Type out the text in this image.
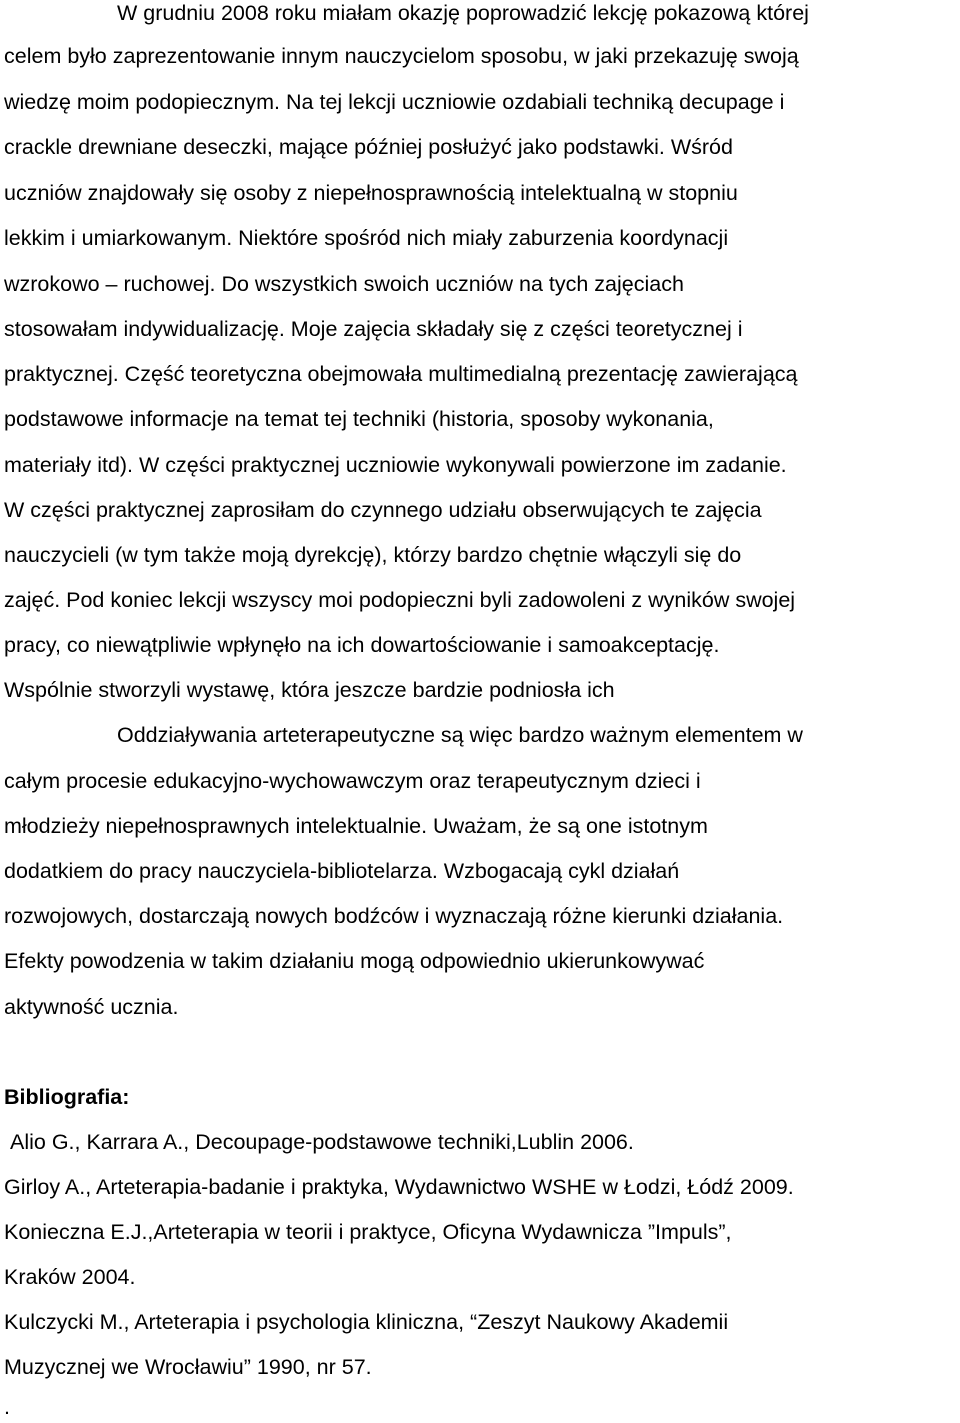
W grudniu 2008 roku miałam okazję poprowadzić lekcję pokazową której
celem było zaprezentowanie innym nauczycielom sposobu, w jaki przekazuję swoją
wiedzę moim podopiecznym. Na tej lekcji uczniowie ozdabiali techniką decupage i
crackle drewniane deseczki, mające później posłużyć jako podstawki. Wśród
uczniów znajdowały się osoby z niepełnosprawnością intelektualną w stopniu
lekkim i umiarkowanym. Niektóre spośród nich miały zaburzenia koordynacji
wzrokowo – ruchowej. Do wszystkich swoich uczniów na tych zajęciach
stosowałam indywidualizację. Moje zajęcia składały się z części teoretycznej i
praktycznej. Część teoretyczna obejmowała multimedialną prezentację zawierającą
podstawowe informacje na temat tej techniki (historia, sposoby wykonania,
materiały itd). W części praktycznej uczniowie wykonywali powierzone im zadanie.
W części praktycznej zaprosiłam do czynnego udziału obserwujących te zajęcia
nauczycieli (w tym także moją dyrekcję), którzy bardzo chętnie włączyli się do
zajęć. Pod koniec lekcji wszyscy moi podopieczni byli zadowoleni z wyników swojej
pracy, co niewątpliwie wpłynęło na ich dowartościowanie i samoakceptację.
Wspólnie stworzyli wystawę, która jeszcze bardzie podniosła ich
Oddziaływania arteterapeutyczne są więc bardzo ważnym elementem w
całym procesie edukacyjno-wychowawczym oraz terapeutycznym dzieci i
młodzieży niepełnosprawnych intelektualnie. Uważam, że są one istotnym
dodatkiem do pracy nauczyciela-bibliotelarza. Wzbogacają cykl działań
rozwojowych, dostarczają nowych bodźców i wyznaczają różne kierunki działania.
Efekty powodzenia w takim działaniu mogą odpowiednio ukierunkowywać
aktywność ucznia.
Bibliografia:
Alio G., Karrara A., Decoupage-podstawowe techniki,Lublin 2006.
Girloy A., Arteterapia-badanie i praktyka, Wydawnictwo WSHE w Łodzi, Łódź 2009.
Konieczna E.J.,Arteterapia w teorii i praktyce, Oficyna Wydawnicza ”Impuls”,
Kraków 2004.
Kulczycki M., Arteterapia i psychologia kliniczna, “Zeszyt Naukowy Akademii
Muzycznej we Wrocławiu” 1990, nr 57.
.
